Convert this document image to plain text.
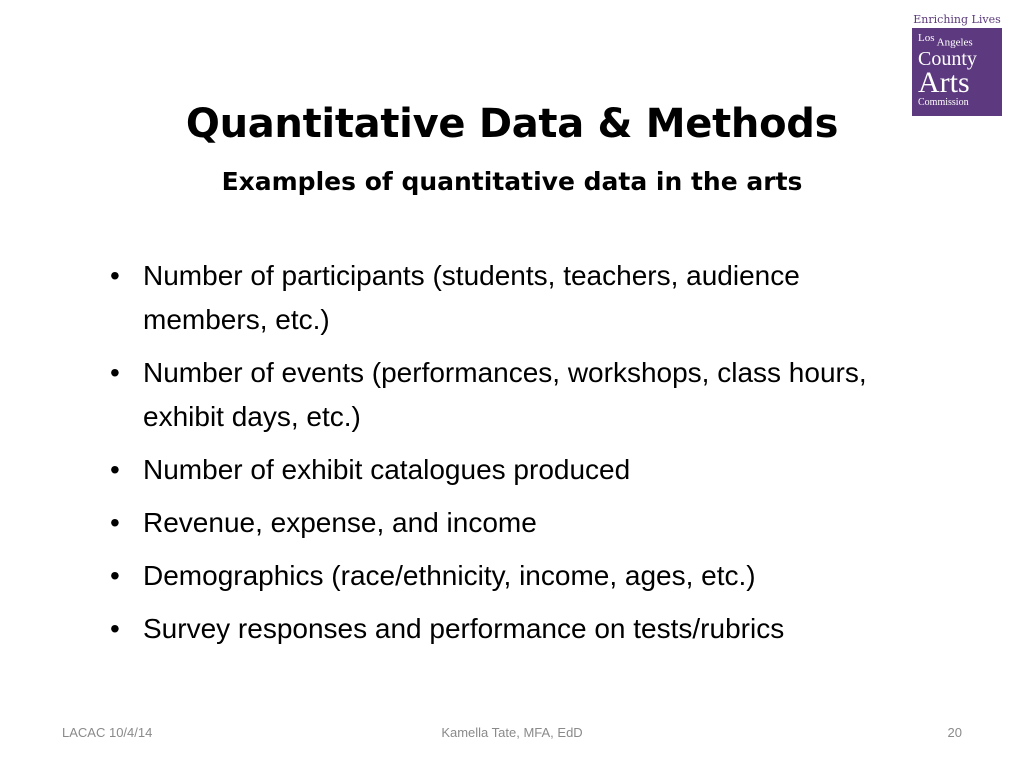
Enriching Lives
Los Angeles
County
Arts
Commission
Quantitative Data & Methods
Examples of quantitative data in the arts
• Number of participants (students, teachers, audience members, etc.)
• Number of events (performances, workshops, class hours, exhibit days, etc.)
• Number of exhibit catalogues produced
• Revenue, expense, and income
• Demographics (race/ethnicity, income, ages, etc.)
• Survey responses and performance on tests/rubrics
LACAC 10/4/14	Kamella Tate, MFA, EdD	20
